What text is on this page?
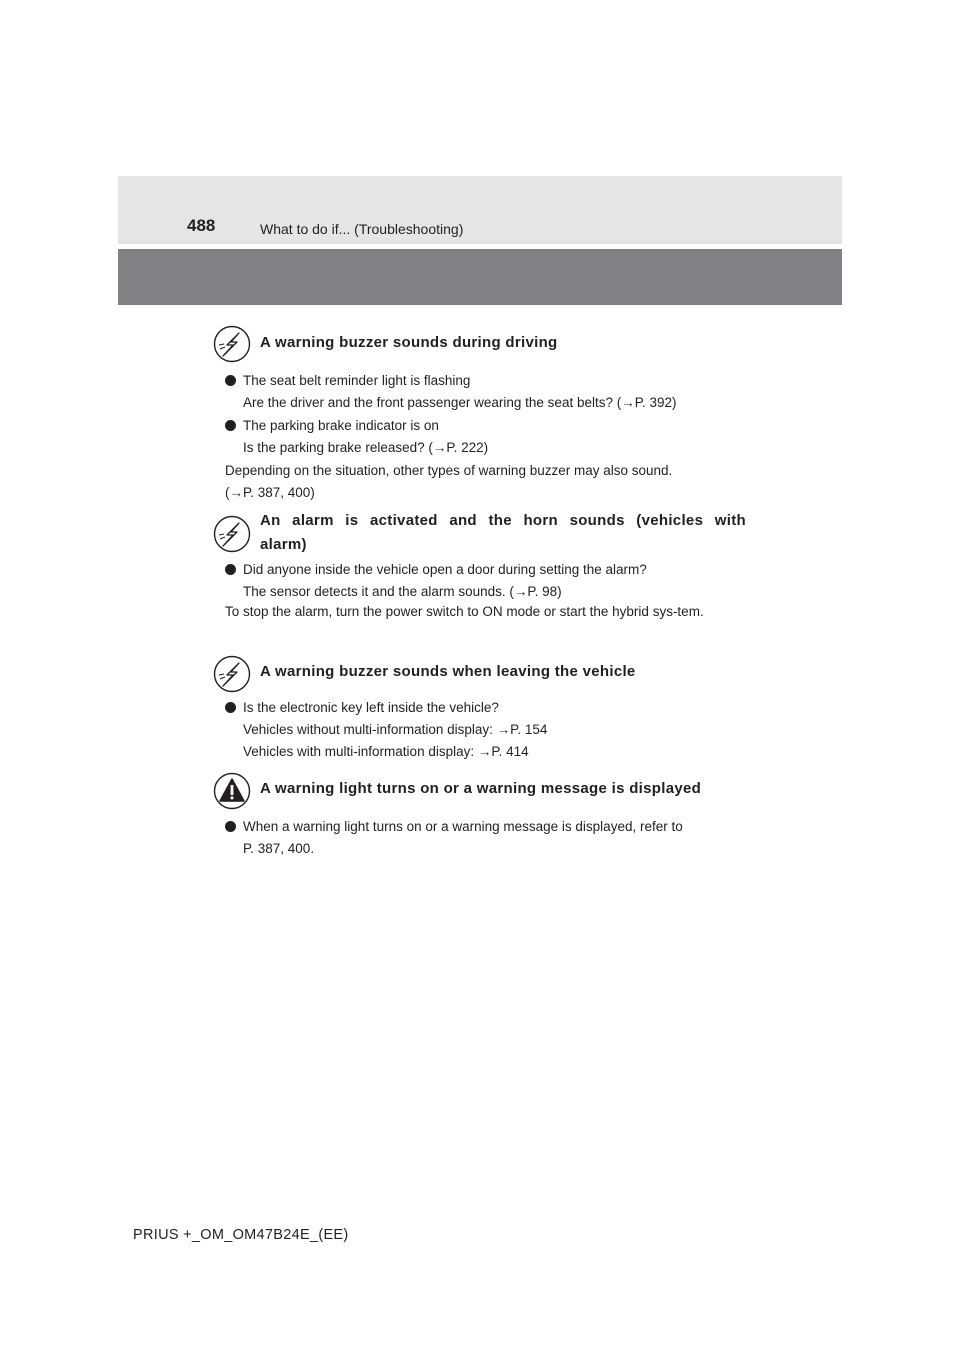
488	What to do if... (Troubleshooting)
A warning buzzer sounds during driving
The seat belt reminder light is flashing
Are the driver and the front passenger wearing the seat belts? (→P. 392)
The parking brake indicator is on
Is the parking brake released? (→P. 222)
Depending on the situation, other types of warning buzzer may also sound.
(→P. 387, 400)
An alarm is activated and the horn sounds (vehicles with alarm)
Did anyone inside the vehicle open a door during setting the alarm?
The sensor detects it and the alarm sounds. (→P. 98)
To stop the alarm, turn the power switch to ON mode or start the hybrid sys-tem.
A warning buzzer sounds when leaving the vehicle
Is the electronic key left inside the vehicle?
Vehicles without multi-information display: →P. 154
Vehicles with multi-information display: →P. 414
A warning light turns on or a warning message is displayed
When a warning light turns on or a warning message is displayed, refer to
P. 387, 400.
PRIUS +_OM_OM47B24E_(EE)
